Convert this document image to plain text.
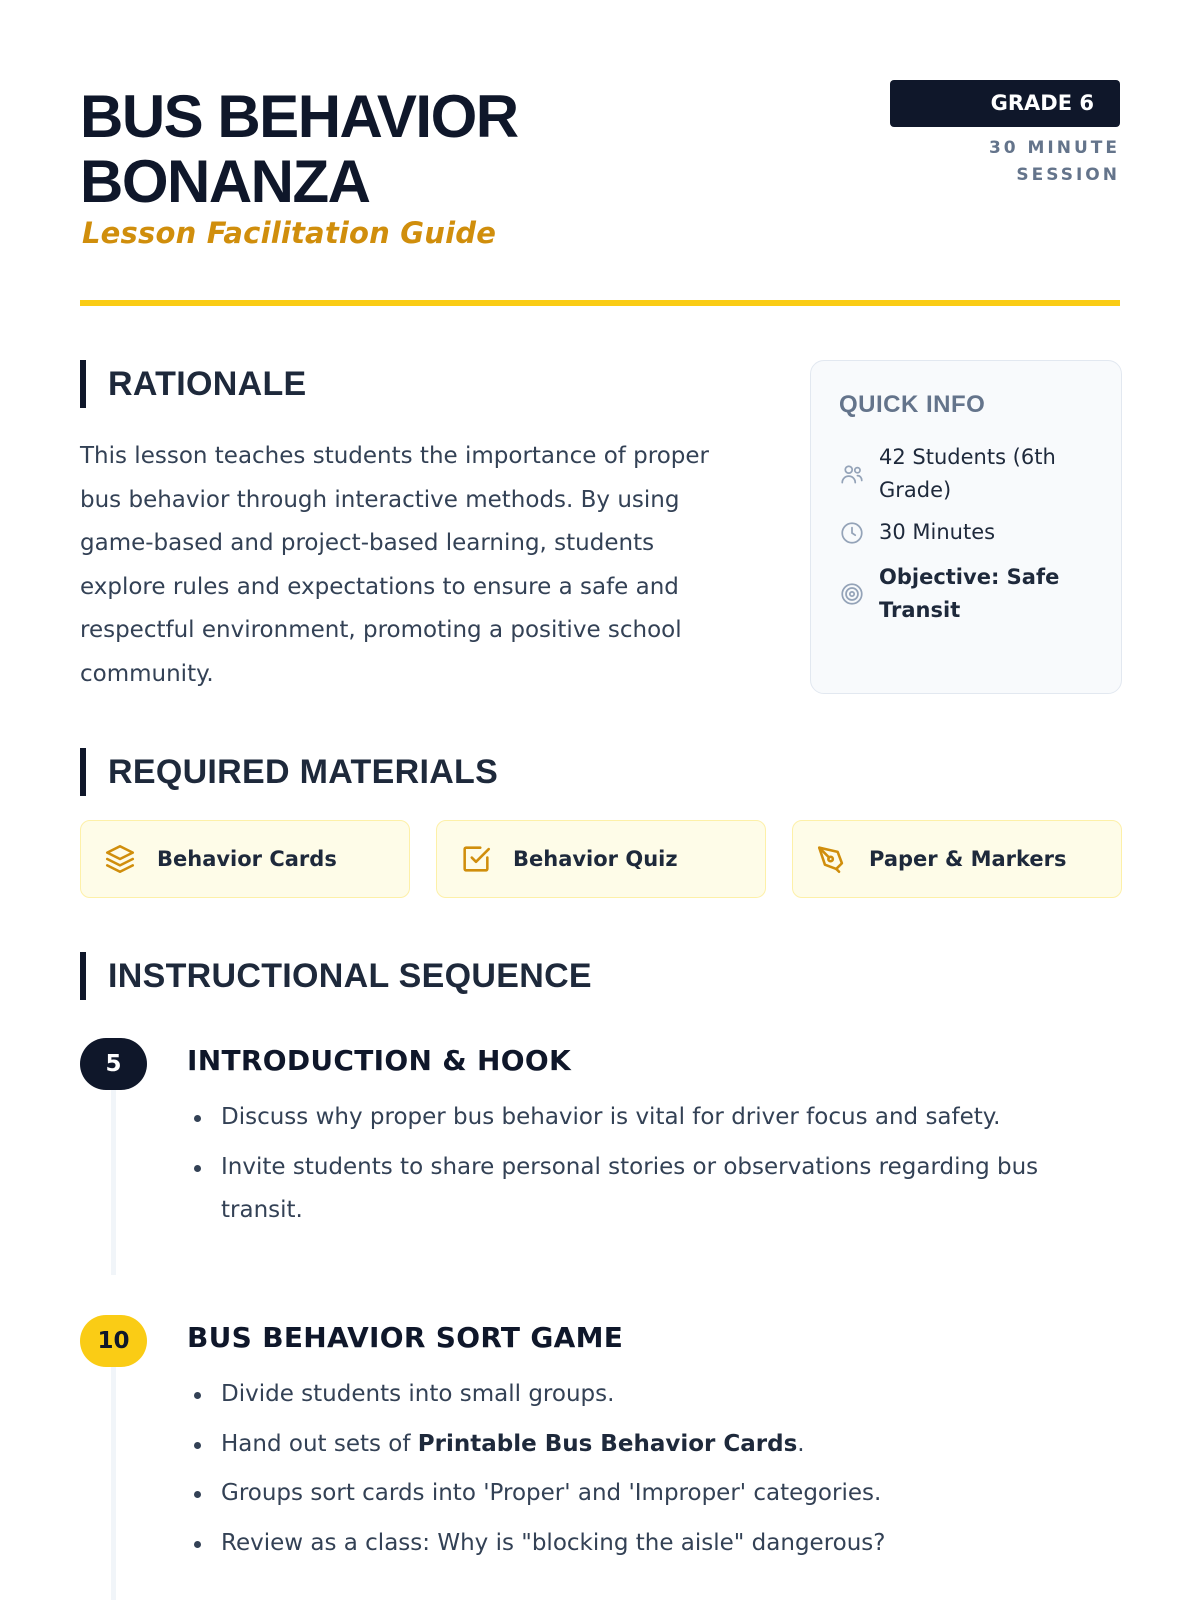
BUS BEHAVIOR BONANZA
Lesson Facilitation Guide
GRADE 6
30 MINUTE SESSION
RATIONALE

This lesson teaches students the importance of proper bus behavior through interactive methods. By using game-based and project-based learning, students explore rules and expectations to ensure a safe and respectful environment, promoting a positive school community.

QUICK INFO
42 Students (6th Grade)
30 Minutes
Objective: Safe Transit
REQUIRED MATERIALS
Behavior Cards	Behavior Quiz	Paper & Markers
INSTRUCTIONAL SEQUENCE
5	INTRODUCTION & HOOK
Discuss why proper bus behavior is vital for driver focus and safety.
Invite students to share personal stories or observations regarding bus transit.
10	BUS BEHAVIOR SORT GAME
Divide students into small groups.
Hand out sets of Printable Bus Behavior Cards.
Groups sort cards into 'Proper' and 'Improper' categories.
Review as a class: Why is "blocking the aisle" dangerous?
